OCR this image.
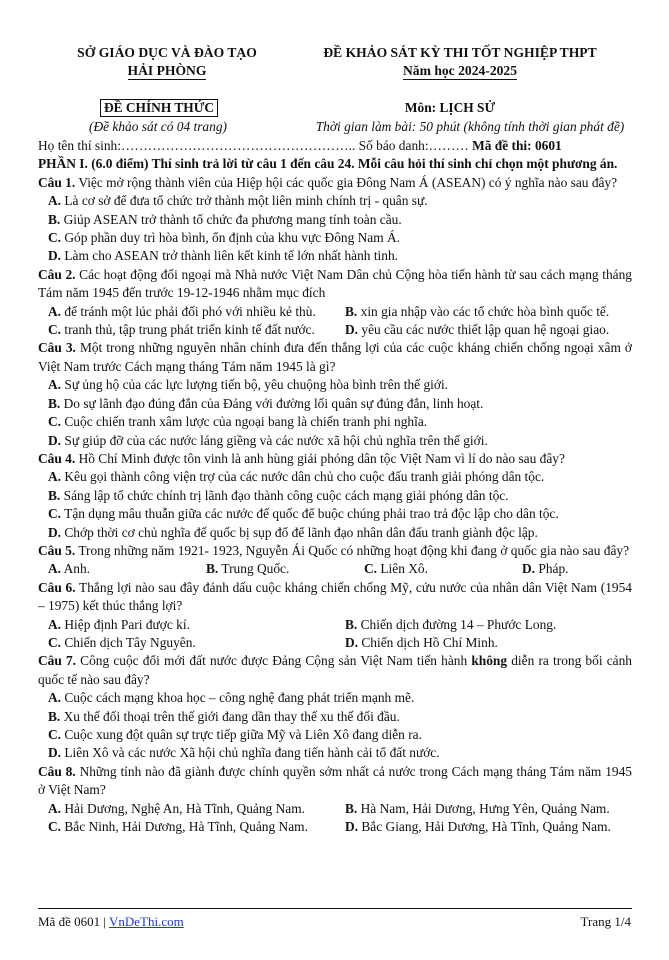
SỞ GIÁO DỤC VÀ ĐÀO TẠO
HẢI PHÒNG
ĐỀ KHẢO SÁT KỲ THI TỐT NGHIỆP THPT
Năm học 2024-2025
ĐỀ CHÍNH THỨC
(Đề khảo sát có 04 trang)
Môn: LỊCH SỬ
Thời gian làm bài: 50 phút (không tính thời gian phát đề)
Họ tên thí sinh:…………………………………………….. Số báo danh:……… Mã đề thi: 0601
PHẦN I. (6.0 điểm) Thí sinh trả lời từ câu 1 đến câu 24. Mỗi câu hỏi thí sinh chỉ chọn một phương án.
Câu 1. Việc mở rộng thành viên của Hiệp hội các quốc gia Đông Nam Á (ASEAN) có ý nghĩa nào sau đây?
A. Là cơ sở để đưa tổ chức trở thành một liên minh chính trị - quân sự.
B. Giúp ASEAN trở thành tổ chức đa phương mang tính toàn cầu.
C. Góp phần duy trì hòa bình, ổn định của khu vực Đông Nam Á.
D. Làm cho ASEAN trở thành liên kết kinh tế lớn nhất hành tinh.
Câu 2. Các hoạt động đối ngoại mà Nhà nước Việt Nam Dân chủ Cộng hòa tiến hành từ sau cách mạng tháng Tám năm 1945 đến trước 19-12-1946 nhằm mục đích
A. để tránh một lúc phải đối phó với nhiều kẻ thù.	B. xin gia nhập vào các tổ chức hòa bình quốc tế.
C. tranh thủ, tập trung phát triển kinh tế đất nước.	D. yêu cầu các nước thiết lập quan hệ ngoại giao.
Câu 3. Một trong những nguyên nhân chính đưa đến thắng lợi của các cuộc kháng chiến chống ngoại xâm ở Việt Nam trước Cách mạng tháng Tám năm 1945 là gì?
A. Sự ủng hộ của các lực lượng tiến bộ, yêu chuộng hòa bình trên thế giới.
B. Do sự lãnh đạo đúng đắn của Đảng với đường lối quân sự đúng đắn, linh hoạt.
C. Cuộc chiến tranh xâm lược của ngoại bang là chiến tranh phi nghĩa.
D. Sự giúp đỡ của các nước láng giềng và các nước xã hội chủ nghĩa trên thế giới.
Câu 4. Hồ Chí Minh được tôn vinh là anh hùng giải phóng dân tộc Việt Nam vì lí do nào sau đây?
A. Kêu gọi thành công viện trợ của các nước dân chủ cho cuộc đấu tranh giải phóng dân tộc.
B. Sáng lập tổ chức chính trị lãnh đạo thành công cuộc cách mạng giải phóng dân tộc.
C. Tận dụng mâu thuẫn giữa các nước đế quốc để buộc chúng phải trao trả độc lập cho dân tộc.
D. Chớp thời cơ chủ nghĩa đế quốc bị sụp đổ để lãnh đạo nhân dân đấu tranh giành độc lập.
Câu 5. Trong những năm 1921- 1923, Nguyễn Ái Quốc có những hoạt động khi đang ở quốc gia nào sau đây?
A. Anh.	B. Trung Quốc.	C. Liên Xô.	D. Pháp.
Câu 6. Thắng lợi nào sau đây đánh dấu cuộc kháng chiến chống Mỹ, cứu nước của nhân dân Việt Nam (1954 – 1975) kết thúc thắng lợi?
A. Hiệp định Pari được kí.	B. Chiến dịch đường 14 – Phước Long.
C. Chiến dịch Tây Nguyên.	D. Chiến dịch Hồ Chí Minh.
Câu 7. Công cuộc đổi mới đất nước được Đảng Cộng sản Việt Nam tiến hành không diễn ra trong bối cảnh quốc tế nào sau đây?
A. Cuộc cách mạng khoa học – công nghệ đang phát triển mạnh mẽ.
B. Xu thế đối thoại trên thế giới đang dần thay thế xu thế đối đầu.
C. Cuộc xung đột quân sự trực tiếp giữa Mỹ và Liên Xô đang diễn ra.
D. Liên Xô và các nước Xã hội chủ nghĩa đang tiến hành cải tổ đất nước.
Câu 8. Những tỉnh nào đã giành được chính quyền sớm nhất cả nước trong Cách mạng tháng Tám năm 1945 ở Việt Nam?
A. Hải Dương, Nghệ An, Hà Tĩnh, Quảng Nam.	B. Hà Nam, Hải Dương, Hưng Yên, Quảng Nam.
C. Bắc Ninh, Hải Dương, Hà Tĩnh, Quảng Nam.	D. Bắc Giang, Hải Dương, Hà Tĩnh, Quảng Nam.
Mã đề 0601 | VnDeThi.com	Trang 1/4
